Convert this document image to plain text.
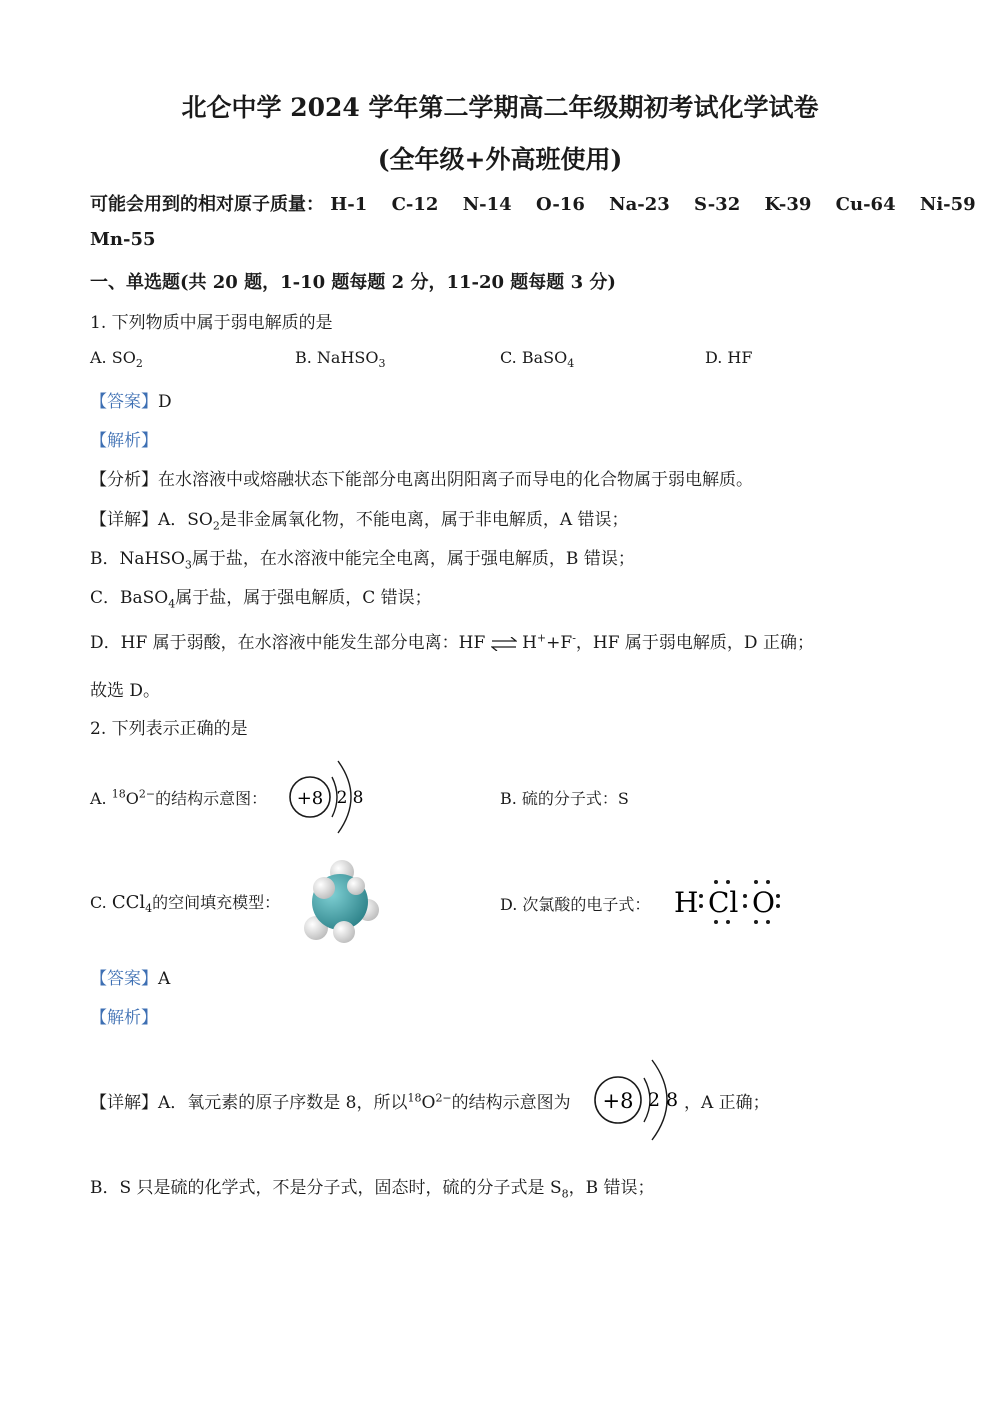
北仑中学 2024 学年第二学期高二年级期初考试化学试卷
(全年级+外高班使用)
可能会用到的相对原子质量： H-1 C-12 N-14 O-16 Na-23 S-32 K-39 Cu-64 Ni-59
Mn-55
一、单选题(共 20 题，1-10 题每题 2 分，11-20 题每题 3 分)
1. 下列物质中属于弱电解质的是
A. $SO_2$	B. NaHSO$_3$	C. BaSO$_4$	D. HF
【答案】D
【解析】
【分析】在水溶液中或熔融状态下能部分电离出阴阳离子而导电的化合物属于弱电解质。
【详解】A．$SO_2$是非金属氧化物，不能电离，属于非电解质，A 错误；
B．NaHSO$_3$属于盐，在水溶液中能完全电离，属于强电解质，B 错误；
C．BaSO$_4$属于盐，属于强电解质，C 错误；
D．HF 属于弱酸，在水溶液中能发生部分电离：HF ⇌ H++F-，HF 属于弱电解质，D 正确；
故选 D。
2. 下列表示正确的是
A. $^{18}O^{2-}$的结构示意图： +8 2 8	B. 硫的分子式：S
C. CCl$_4$的空间填充模型：	D. 次氯酸的电子式： H Cl O
【答案】A
【解析】
【详解】A．氧元素的原子序数是 8，所以$^{18}O^{2-}$的结构示意图为 +8 2 8 ，A 正确；
B．S 只是硫的化学式，不是分子式，固态时，硫的分子式是 $S_8$，B 错误；
